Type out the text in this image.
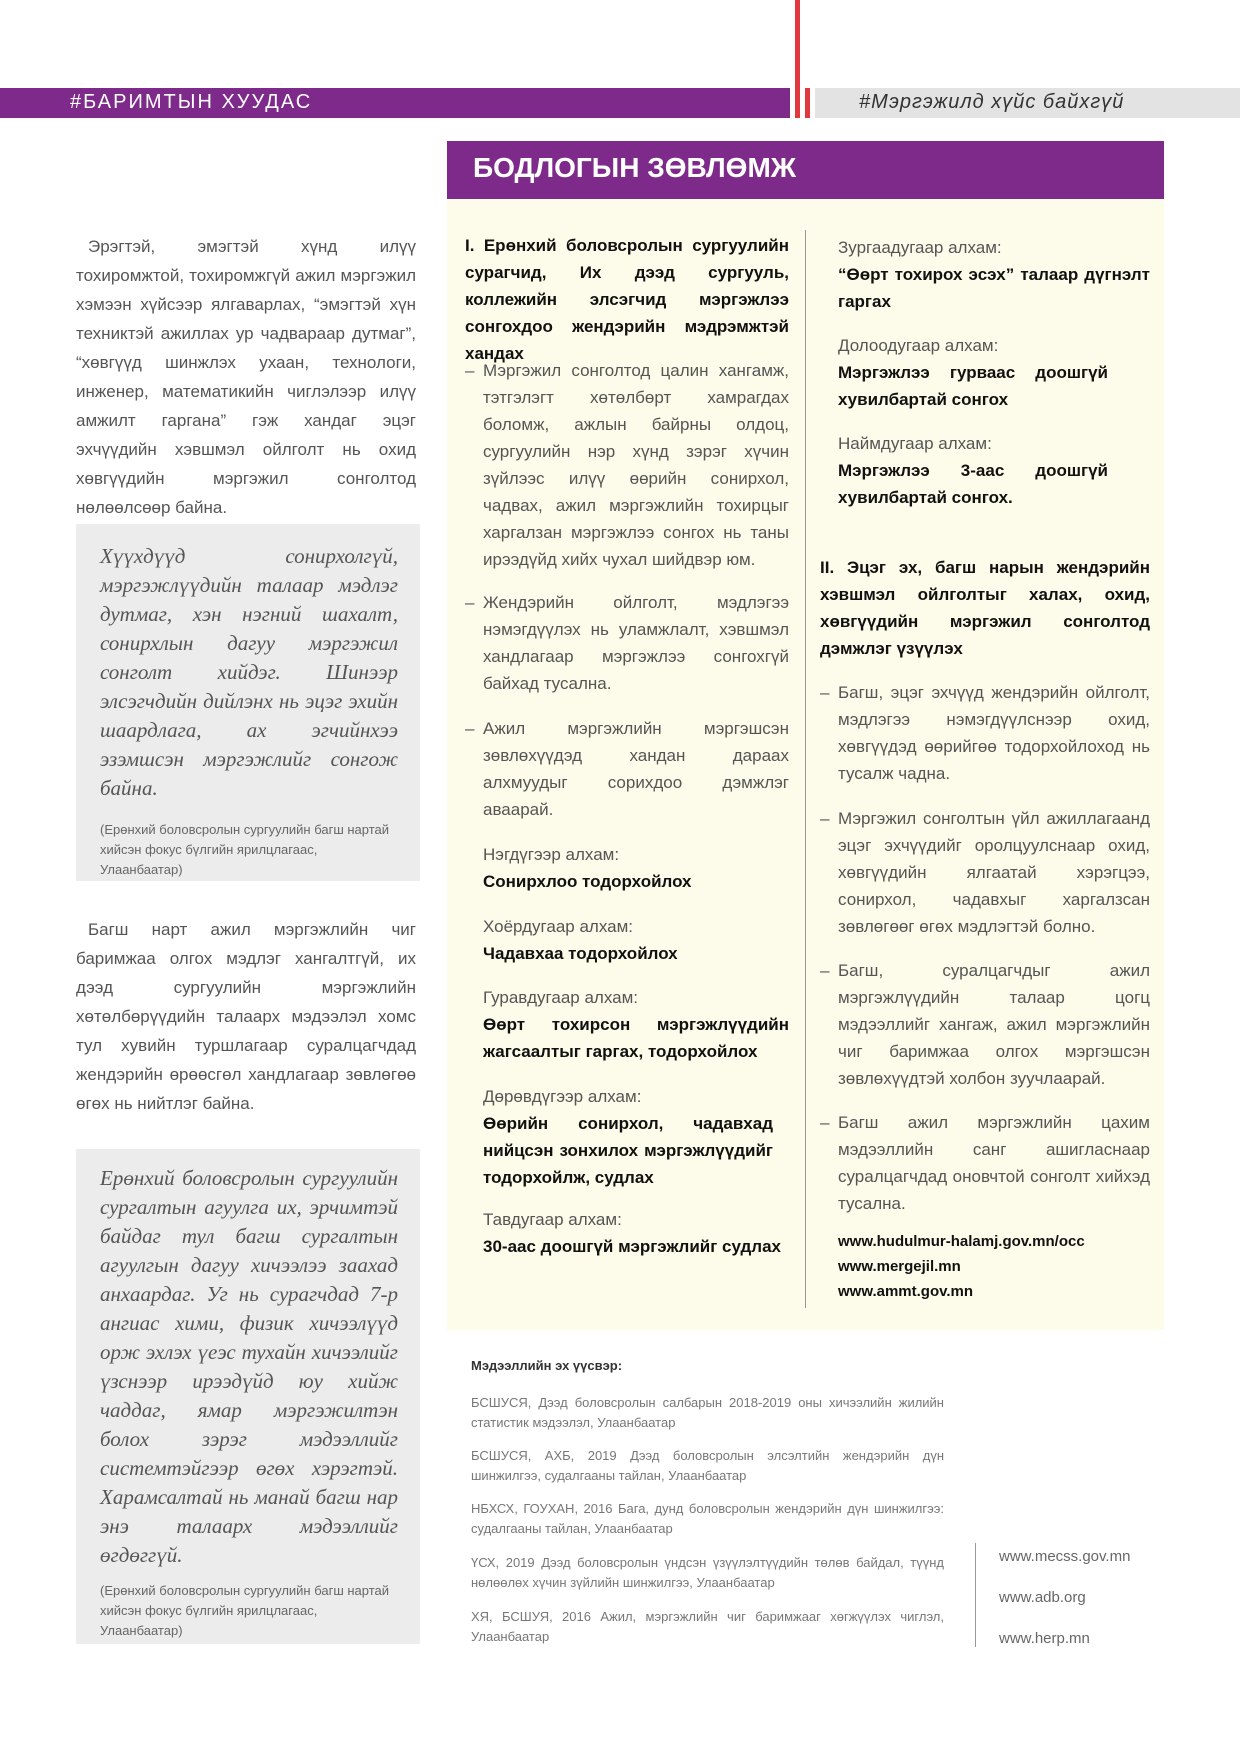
#БАРИМТЫН ХУУДАС	#Мэргэжилд хүйс байхгүй

Эрэгтэй, эмэгтэй хүнд илүү тохиромжтой, тохиромжгүй ажил мэргэжил хэмээн хүйсээр ялгаварлах, “эмэгтэй хүн техниктэй ажиллах ур чадвараар дутмаг”, “хөвгүүд шинжлэх ухаан, технологи, инженер, математикийн чиглэлээр илүү амжилт гаргана” гэж хандаг эцэг эхчүүдийн хэвшмэл ойлголт нь охид хөвгүүдийн мэргэжил сонголтод нөлөөлсөөр байна.

Хүүхдүүд сонирхолгүй, мэргэжлүүдийн талаар мэдлэг дутмаг, хэн нэгний шахалт, сонирхлын дагуу мэргэжил сонголт хийдэг. Шинээр элсэгчдийн дийлэнх нь эцэг эхийн шаардлага, ах эгчийнхээ эзэмшсэн мэргэжлийг сонгож байна.

(Ерөнхий боловсролын сургуулийн багш нартай хийсэн фокус бүлгийн ярилцлагаас, Улаанбаатар)

Багш нарт ажил мэргэжлийн чиг баримжаа олгох мэдлэг хангалтгүй, их дээд сургуулийн мэргэжлийн хөтөлбөрүүдийн талаарх мэдээлэл хомс тул хувийн туршлагаар суралцагчдад жендэрийн өрөөсгөл хандлагаар зөвлөгөө өгөх нь нийтлэг байна.

Ерөнхий боловсролын сургуулийн сургалтын агуулга их, эрчимтэй байдаг тул багш сургалтын агуулгын дагуу хичээлээ заахад анхаардаг. Уг нь сурагчдад 7-р ангиас хими, физик хичээлүүд орж эхлэх үеэс тухайн хичээлийг үзснээр ирээдүйд юу хийж чаддаг, ямар мэргэжилтэн болох зэрэг мэдээллийг системтэйгээр өгөх хэрэгтэй. Харамсалтай нь манай багш нар энэ талаарх мэдээллийг өгдөггүй.

(Ерөнхий боловсролын сургуулийн багш нартай хийсэн фокус бүлгийн ярилцлагаас, Улаанбаатар)

БОДЛОГЫН ЗӨВЛӨМЖ

I. Ерөнхий боловсролын сургуулийн сурагчид, Их дээд сургууль, коллежийн элсэгчид мэргэжлээ сонгохдоо жендэрийн мэдрэмжтэй хандах

– Мэргэжил сонголтод цалин хангамж, тэтгэлэгт хөтөлбөрт хамрагдах боломж, ажлын байрны олдоц, сургуулийн нэр хүнд зэрэг хүчин зүйлээс илүү өөрийн сонирхол, чадвах, ажил мэргэжлийн тохирцыг харгалзан мэргэжлээ сонгох нь таны ирээдүйд хийх чухал шийдвэр юм.
– Жендэрийн ойлголт, мэдлэгээ нэмэгдүүлэх нь уламжлалт, хэвшмэл хандлагаар мэргэжлээ сонгохгүй байхад тусална.
– Ажил мэргэжлийн мэргэшсэн зөвлөхүүдэд хандан дараах алхмуудыг сорихдоо дэмжлэг аваарай.

Нэгдүгээр алхам:

Сонирхлоо тодорхойлох

Хоёрдугаар алхам:

Чадавхаа тодорхойлох

Гуравдугаар алхам:

Өөрт тохирсон мэргэжлүүдийн жагсаалтыг гаргах, тодорхойлох

Дөрөвдүгээр алхам:

Өөрийн сонирхол, чадавхад нийцсэн зонхилох мэргэжлүүдийг тодорхойлж, судлах

Тавдугаар алхам:

30-аас доошгүй мэргэжлийг судлах

Зургаадугаар алхам:

“Өөрт тохирох эсэх” талаар дүгнэлт гаргах

Долоодугаар алхам:

Мэргэжлээ гурваас доошгүй хувилбартай сонгох

Наймдугаар алхам:

Мэргэжлээ 3-аас доошгүй хувилбартай сонгох.

II. Эцэг эх, багш нарын жендэрийн хэвшмэл ойлголтыг халах, охид, хөвгүүдийн мэргэжил сонголтод дэмжлэг үзүүлэх

– Багш, эцэг эхчүүд жендэрийн ойлголт, мэдлэгээ нэмэгдүүлснээр охид, хөвгүүдэд өөрийгөө тодорхойлоход нь тусалж чадна.
– Мэргэжил сонголтын үйл ажиллагаанд эцэг эхчүүдийг оролцуулснаар охид, хөвгүүдийн ялгаатай хэрэгцээ, сонирхол, чадавхыг харгалзсан зөвлөгөөг өгөх мэдлэгтэй болно.
– Багш, суралцагчдыг ажил мэргэжлүүдийн талаар цогц мэдээллийг хангаж, ажил мэргэжлийн чиг баримжаа олгох мэргэшсэн зөвлөхүүдтэй холбон зуучлаарай.
– Багш ажил мэргэжлийн цахим мэдээллийн санг ашигласнаар суралцагчдад оновчтой сонголт хийхэд тусална.

www.hudulmur-halamj.gov.mn/occ

www.mergejil.mn

www.ammt.gov.mn

Мэдээллийн эх үүсвэр:

БСШУСЯ, Дээд боловсролын салбарын 2018-2019 оны хичээлийн жилийн статистик мэдээлэл, Улаанбаатар

БСШУСЯ, АХБ, 2019 Дээд боловсролын элсэлтийн жендэрийн дүн шинжилгээ, судалгааны тайлан, Улаанбаатар

НБХСХ, ГОУХАН, 2016 Бага, дунд боловсролын жендэрийн дүн шинжилгээ: судалгааны тайлан, Улаанбаатар

ҮСХ, 2019 Дээд боловсролын үндсэн үзүүлэлтүүдийн төлөв байдал, түүнд нөлөөлөх хүчин зүйлийн шинжилгээ, Улаанбаатар

ХЯ, БСШУЯ, 2016 Ажил, мэргэжлийн чиг баримжааг хөгжүүлэх чиглэл, Улаанбаатар

www.mecss.gov.mn
www.adb.org
www.herp.mn
